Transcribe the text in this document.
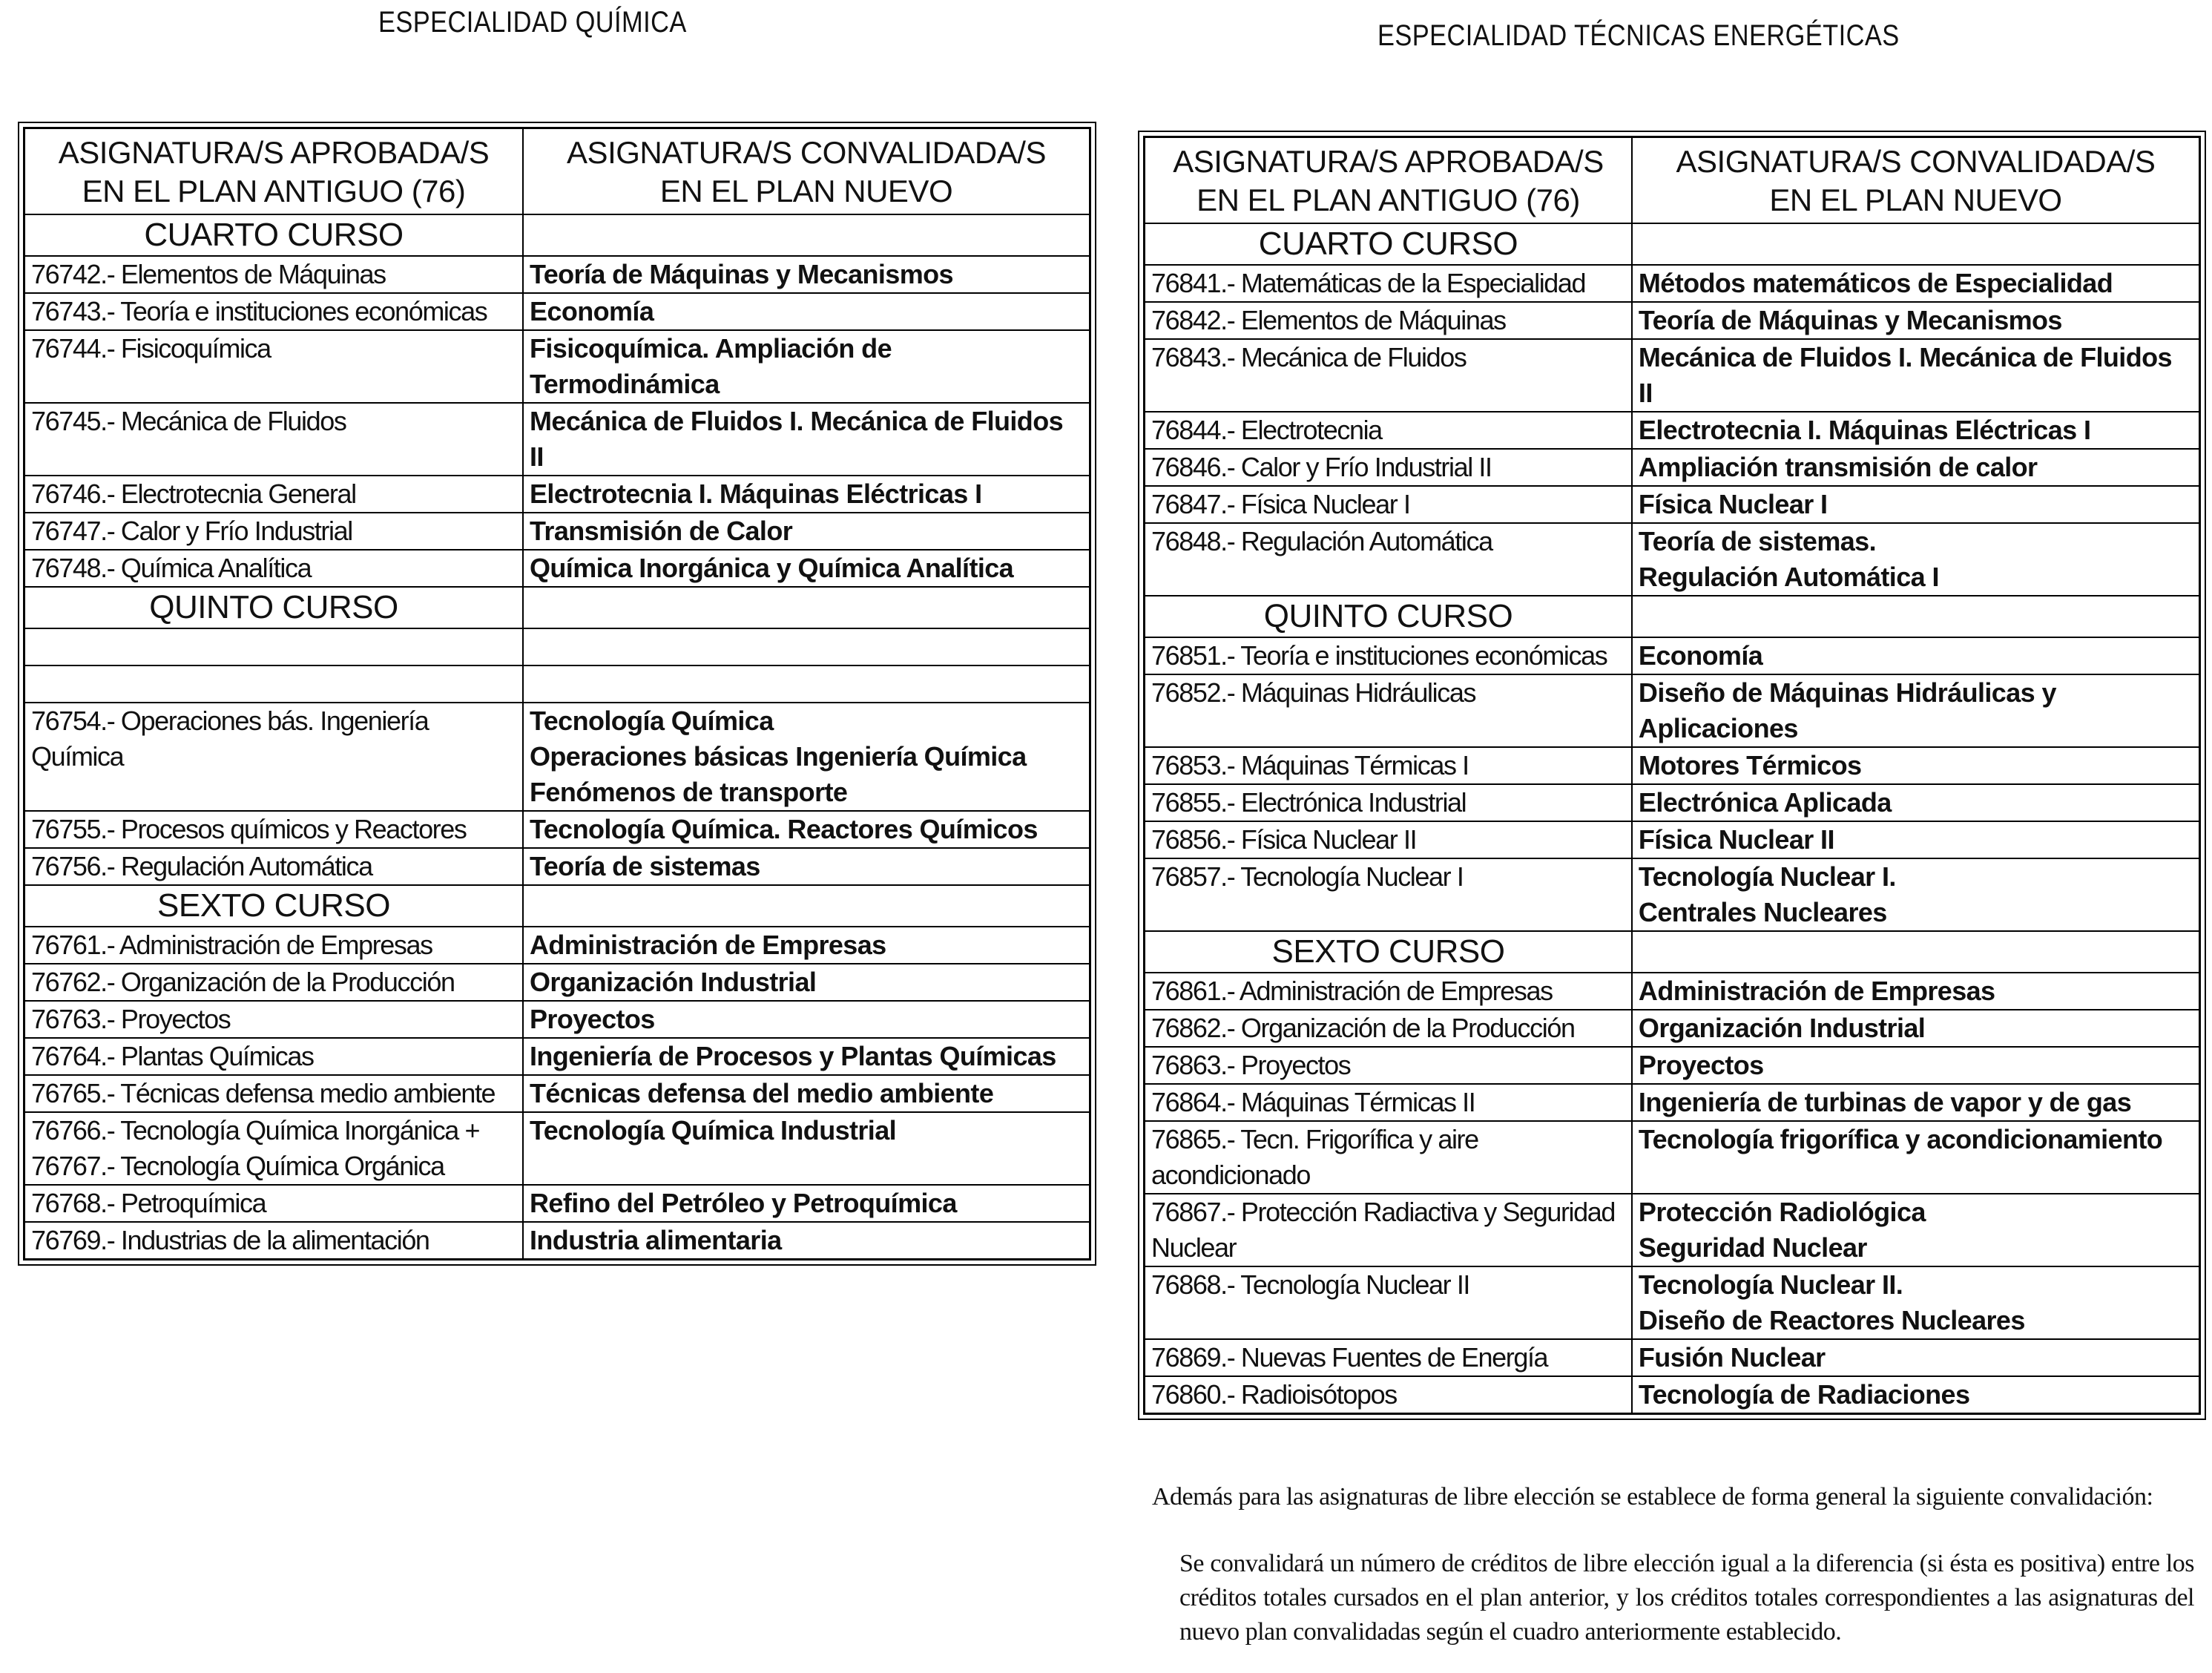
ESPECIALIDAD QUÍMICA	ESPECIALIDAD TÉCNICAS ENERGÉTICAS
ASIGNATURA/S APROBADA/S
EN EL PLAN ANTIGUO (76)	ASIGNATURA/S CONVALIDADA/S
EN EL PLAN NUEVO

CUARTO CURSO	

76742.- Elementos de Máquinas	Teoría de Máquinas y Mecanismos

76743.- Teoría e instituciones económicas	Economía

76744.- Fisicoquímica	Fisicoquímica. Ampliación de Termodinámica

76745.- Mecánica de Fluidos	Mecánica de Fluidos I. Mecánica de Fluidos II

76746.- Electrotecnia General	Electrotecnia I. Máquinas Eléctricas I

76747.- Calor y Frío Industrial	Transmisión de Calor

76748.- Química Analítica	Química Inorgánica y Química Analítica

QUINTO CURSO	

76754.- Operaciones bás. Ingeniería
Química	Tecnología Química
Operaciones básicas Ingeniería Química
Fenómenos de transporte

76755.- Procesos químicos y Reactores	Tecnología Química. Reactores Químicos

76756.- Regulación Automática	Teoría de sistemas

SEXTO CURSO	

76761.- Administración de Empresas	Administración de Empresas

76762.- Organización de la Producción	Organización Industrial

76763.- Proyectos	Proyectos

76764.- Plantas Químicas	Ingeniería de Procesos y Plantas Químicas

76765.- Técnicas defensa medio ambiente	Técnicas defensa del medio ambiente

76766.- Tecnología Química Inorgánica +
76767.- Tecnología Química Orgánica	Tecnología Química Industrial

76768.- Petroquímica	Refino del Petróleo y Petroquímica

76769.- Industrias de la alimentación	Industria alimentaria
ASIGNATURA/S APROBADA/S
EN EL PLAN ANTIGUO (76)	ASIGNATURA/S CONVALIDADA/S
EN EL PLAN NUEVO

CUARTO CURSO	

76841.- Matemáticas de la Especialidad	Métodos matemáticos de Especialidad

76842.- Elementos de Máquinas	Teoría de Máquinas y Mecanismos

76843.- Mecánica de Fluidos	Mecánica de Fluidos I. Mecánica de Fluidos II

76844.- Electrotecnia	Electrotecnia I. Máquinas Eléctricas I

76846.- Calor y Frío Industrial II	Ampliación transmisión de calor

76847.- Física Nuclear I	Física Nuclear I

76848.- Regulación Automática	Teoría de sistemas.
Regulación Automática I

QUINTO CURSO	

76851.- Teoría e instituciones económicas	Economía

76852.- Máquinas Hidráulicas	Diseño de Máquinas Hidráulicas y
Aplicaciones

76853.- Máquinas Térmicas I	Motores Térmicos

76855.- Electrónica Industrial	Electrónica Aplicada

76856.- Física Nuclear II	Física Nuclear II

76857.- Tecnología Nuclear I	Tecnología Nuclear I.
Centrales Nucleares

SEXTO CURSO	

76861.- Administración de Empresas	Administración de Empresas

76862.- Organización de la Producción	Organización Industrial

76863.- Proyectos	Proyectos

76864.- Máquinas Térmicas II	Ingeniería de turbinas de vapor y de gas

76865.- Tecn. Frigorífica y aire
acondicionado	Tecnología frigorífica y acondicionamiento

76867.- Protección Radiactiva y Seguridad
Nuclear	Protección Radiológica
Seguridad Nuclear

76868.- Tecnología Nuclear II	Tecnología Nuclear II.
Diseño de Reactores Nucleares

76869.- Nuevas Fuentes de Energía	Fusión Nuclear

76860.- Radioisótopos	Tecnología de Radiaciones
Además para las asignaturas de libre elección se establece de forma general la siguiente convalidación:
Se convalidará un número de créditos de libre elección igual a la diferencia (si ésta es positiva) entre los créditos totales cursados en el plan anterior, y los créditos totales correspondientes a las asignaturas del nuevo plan convalidadas según el cuadro anteriormente establecido.
